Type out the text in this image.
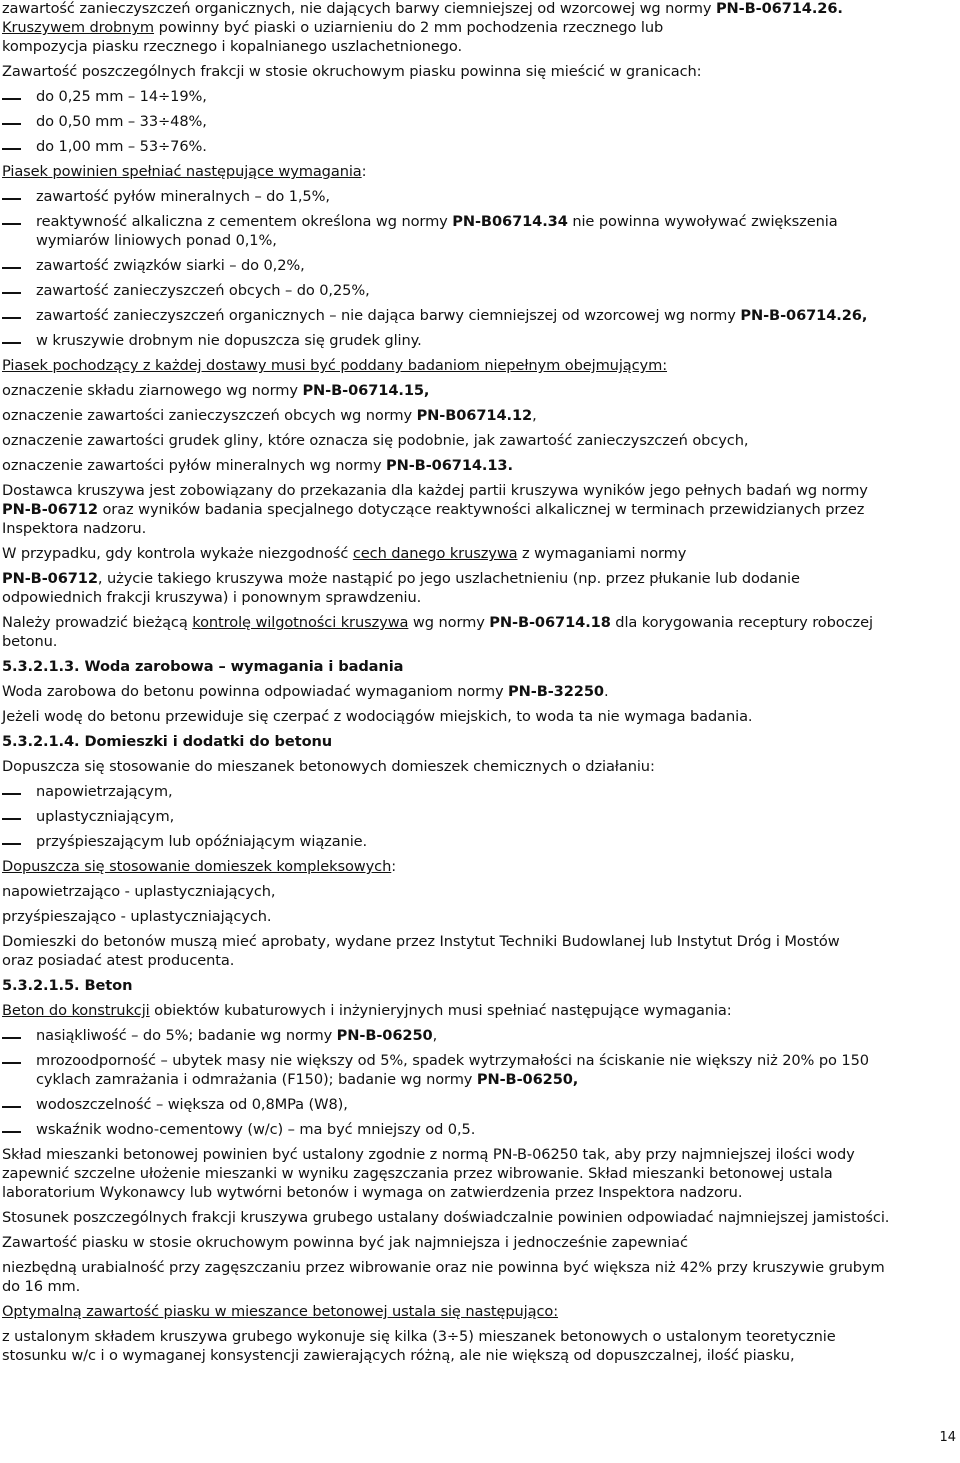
zawartość zanieczyszczeń organicznych, nie dających barwy ciemniejszej od wzorcowej wg normy PN-B-06714.26.
Kruszywem drobnym powinny być piaski o uziarnieniu do 2 mm pochodzenia rzecznego lub
kompozycja piasku rzecznego i kopalnianego uszlachetnionego.
Zawartość poszczególnych frakcji w stosie okruchowym piasku powinna się mieścić w granicach:
do 0,25 mm – 14÷19%,
do 0,50 mm – 33÷48%,
do 1,00 mm – 53÷76%.
Piasek powinien spełniać następujące wymagania:
zawartość pyłów mineralnych – do 1,5%,
reaktywność alkaliczna z cementem określona wg normy PN-B06714.34 nie powinna wywoływać zwiększenia
wymiarów liniowych ponad 0,1%,
zawartość związków siarki – do 0,2%,
zawartość zanieczyszczeń obcych – do 0,25%,
zawartość zanieczyszczeń organicznych – nie dająca barwy ciemniejszej od wzorcowej wg normy PN-B-06714.26,
w kruszywie drobnym nie dopuszcza się grudek gliny.
Piasek pochodzący z każdej dostawy musi być poddany badaniom niepełnym obejmującym:
oznaczenie składu ziarnowego wg normy PN-B-06714.15,
oznaczenie zawartości zanieczyszczeń obcych wg normy PN-B06714.12,
oznaczenie zawartości grudek gliny, które oznacza się podobnie, jak zawartość zanieczyszczeń obcych,
oznaczenie zawartości pyłów mineralnych wg normy PN-B-06714.13.
Dostawca kruszywa jest zobowiązany do przekazania dla każdej partii kruszywa wyników jego pełnych badań wg normy
PN-B-06712 oraz wyników badania specjalnego dotyczące reaktywności alkalicznej w terminach przewidzianych przez
Inspektora nadzoru.
W przypadku, gdy kontrola wykaże niezgodność cech danego kruszywa z wymaganiami normy
PN-B-06712, użycie takiego kruszywa może nastąpić po jego uszlachetnieniu (np. przez płukanie lub dodanie
odpowiednich frakcji kruszywa) i ponownym sprawdzeniu.
Należy prowadzić bieżącą kontrolę wilgotności kruszywa wg normy PN-B-06714.18 dla korygowania receptury roboczej
betonu.
5.3.2.1.3. Woda zarobowa – wymagania i badania
Woda zarobowa do betonu powinna odpowiadać wymaganiom normy PN-B-32250.
Jeżeli wodę do betonu przewiduje się czerpać z wodociągów miejskich, to woda ta nie wymaga badania.
5.3.2.1.4. Domieszki i dodatki do betonu
Dopuszcza się stosowanie do mieszanek betonowych domieszek chemicznych o działaniu:
napowietrzającym,
uplastyczniającym,
przyśpieszającym lub opóźniającym wiązanie.
Dopuszcza się stosowanie domieszek kompleksowych:
napowietrzająco - uplastyczniających,
przyśpieszająco - uplastyczniających.
Domieszki do betonów muszą mieć aprobaty, wydane przez Instytut Techniki Budowlanej lub Instytut Dróg i Mostów
oraz posiadać atest producenta.
5.3.2.1.5. Beton
Beton do konstrukcji obiektów kubaturowych i inżynieryjnych musi spełniać następujące wymagania:
nasiąkliwość – do 5%; badanie wg normy PN-B-06250,
mrozoodporność – ubytek masy nie większy od 5%, spadek wytrzymałości na ściskanie nie większy niż 20% po 150
cyklach zamrażania i odmrażania (F150); badanie wg normy PN-B-06250,
wodoszczelność – większa od 0,8MPa (W8),
wskaźnik wodno-cementowy (w/c) – ma być mniejszy od 0,5.
Skład mieszanki betonowej powinien być ustalony zgodnie z normą PN-B-06250 tak, aby przy najmniejszej ilości wody
zapewnić szczelne ułożenie mieszanki w wyniku zagęszczania przez wibrowanie. Skład mieszanki betonowej ustala
laboratorium Wykonawcy lub wytwórni betonów i wymaga on zatwierdzenia przez Inspektora nadzoru.
Stosunek poszczególnych frakcji kruszywa grubego ustalany doświadczalnie powinien odpowiadać najmniejszej jamistości.
Zawartość piasku w stosie okruchowym powinna być jak najmniejsza i jednocześnie zapewniać
niezbędną urabialność przy zagęszczaniu przez wibrowanie oraz nie powinna być większa niż 42% przy kruszywie grubym
do 16 mm.
Optymalną zawartość piasku w mieszance betonowej ustala się następująco:
z ustalonym składem kruszywa grubego wykonuje się kilka (3÷5) mieszanek betonowych o ustalonym teoretycznie
stosunku w/c i o wymaganej konsystencji zawierających różną, ale nie większą od dopuszczalnej, ilość piasku,
14
